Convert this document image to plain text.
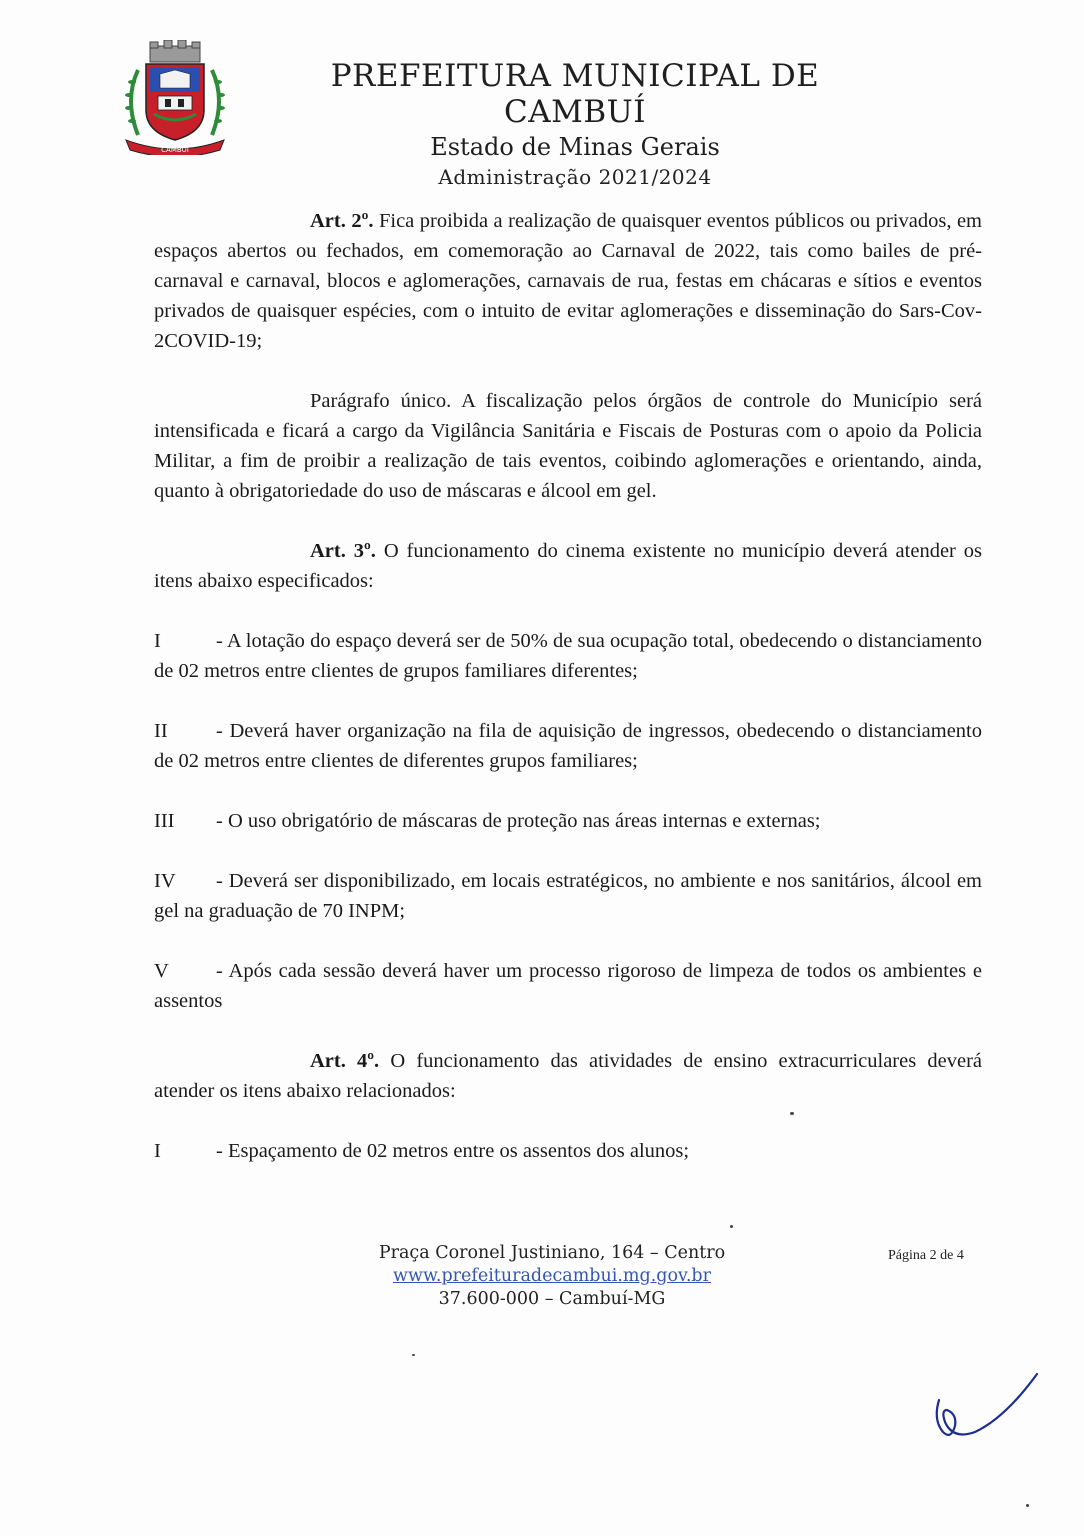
CAMBUÍ
PREFEITURA MUNICIPAL DE CAMBUÍ
Estado de Minas Gerais
Administração 2021/2024
Art. 2º. Fica proibida a realização de quaisquer eventos públicos ou privados, em espaços abertos ou fechados, em comemoração ao Carnaval de 2022, tais como bailes de pré-carnaval e carnaval, blocos e aglomerações, carnavais de rua, festas em chácaras e sítios e eventos privados de quaisquer espécies, com o intuito de evitar aglomerações e disseminação do Sars-Cov-2COVID-19;
Parágrafo único. A fiscalização pelos órgãos de controle do Município será intensificada e ficará a cargo da Vigilância Sanitária e Fiscais de Posturas com o apoio da Policia Militar, a fim de proibir a realização de tais eventos, coibindo aglomerações e orientando, ainda, quanto à obrigatoriedade do uso de máscaras e álcool em gel.
Art. 3º. O funcionamento do cinema existente no município deverá atender os itens abaixo especificados:
I	- A lotação do espaço deverá ser de 50% de sua ocupação total, obedecendo o distanciamento de 02 metros entre clientes de grupos familiares diferentes;
II - Deverá haver organização na fila de aquisição de ingressos, obedecendo o distanciamento de 02 metros entre clientes de diferentes grupos familiares;
III - O uso obrigatório de máscaras de proteção nas áreas internas e externas;
IV - Deverá ser disponibilizado, em locais estratégicos, no ambiente e nos sanitários, álcool em gel na graduação de 70 INPM;
V - Após cada sessão deverá haver um processo rigoroso de limpeza de todos os ambientes e assentos
Art. 4º. O funcionamento das atividades de ensino extracurriculares deverá atender os itens abaixo relacionados:
I	- Espaçamento de 02 metros entre os assentos dos alunos;
Praça Coronel Justiniano, 164 – Centro
www.prefeituradecambui.mg.gov.br
37.600-000 – Cambuí-MG
Página 2 de 4
